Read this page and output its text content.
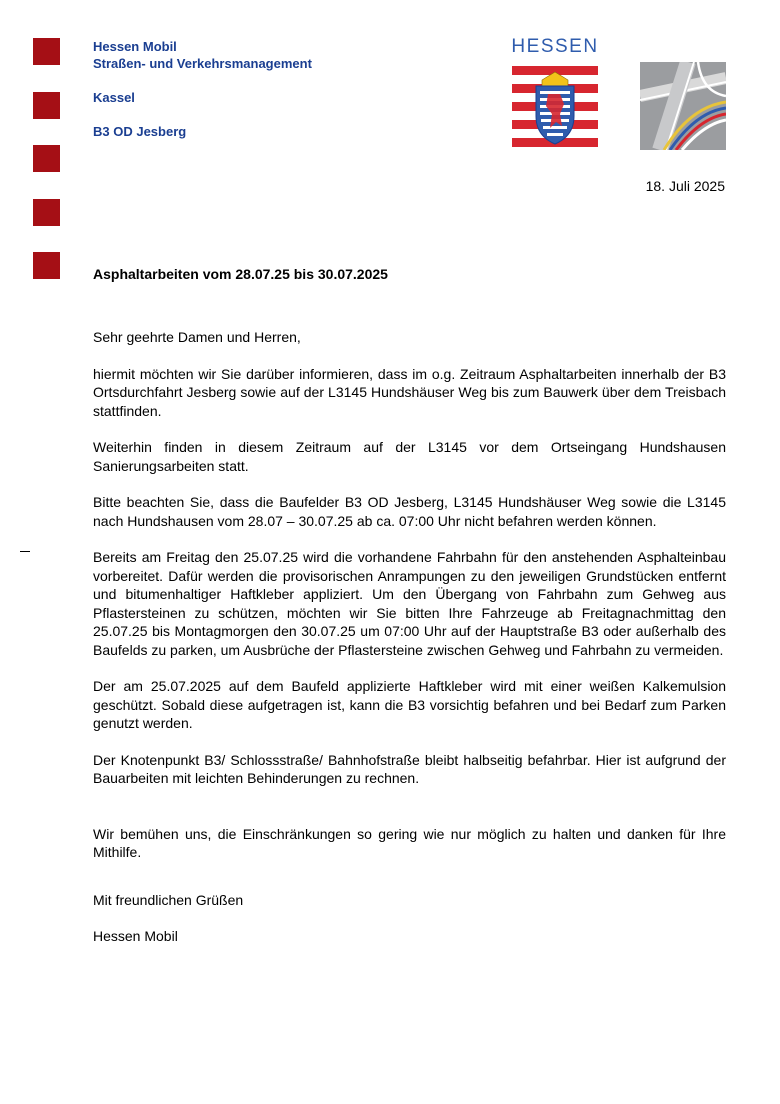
Hessen Mobil
Straßen- und Verkehrsmanagement
Kassel
B3 OD Jesberg
HESSEN
18. Juli 2025
Asphaltarbeiten vom 28.07.25 bis 30.07.2025

Sehr geehrte Damen und Herren,

hiermit möchten wir Sie darüber informieren, dass im o.g. Zeitraum Asphaltarbeiten innerhalb der B3 Ortsdurchfahrt Jesberg sowie auf der L3145 Hundshäuser Weg bis zum Bauwerk über dem Treisbach stattfinden.

Weiterhin finden in diesem Zeitraum auf der L3145 vor dem Ortseingang Hundshausen Sanierungsarbeiten statt.

Bitte beachten Sie, dass die Baufelder B3 OD Jesberg, L3145 Hundshäuser Weg sowie die L3145 nach Hundshausen vom 28.07 – 30.07.25 ab ca. 07:00 Uhr nicht befahren werden können.

Bereits am Freitag den 25.07.25 wird die vorhandene Fahrbahn für den anstehenden Asphalteinbau vorbereitet. Dafür werden die provisorischen Anrampungen zu den jeweiligen Grundstücken entfernt und bitumenhaltiger Haftkleber appliziert. Um den Übergang von Fahrbahn zum Gehweg aus Pflastersteinen zu schützen, möchten wir Sie bitten Ihre Fahrzeuge ab Freitagnachmittag den 25.07.25 bis Montagmorgen den 30.07.25 um 07:00 Uhr auf der Hauptstraße B3 oder außerhalb des Baufelds zu parken, um Ausbrüche der Pflastersteine zwischen Gehweg und Fahrbahn zu vermeiden.

Der am 25.07.2025 auf dem Baufeld applizierte Haftkleber wird mit einer weißen Kalkemulsion geschützt. Sobald diese aufgetragen ist, kann die B3 vorsichtig befahren und bei Bedarf zum Parken genutzt werden.

Der Knotenpunkt B3/ Schlossstraße/ Bahnhofstraße bleibt halbseitig befahrbar. Hier ist aufgrund der Bauarbeiten mit leichten Behinderungen zu rechnen.

Wir bemühen uns, die Einschränkungen so gering wie nur möglich zu halten und danken für Ihre Mithilfe.

Mit freundlichen Grüßen

Hessen Mobil
